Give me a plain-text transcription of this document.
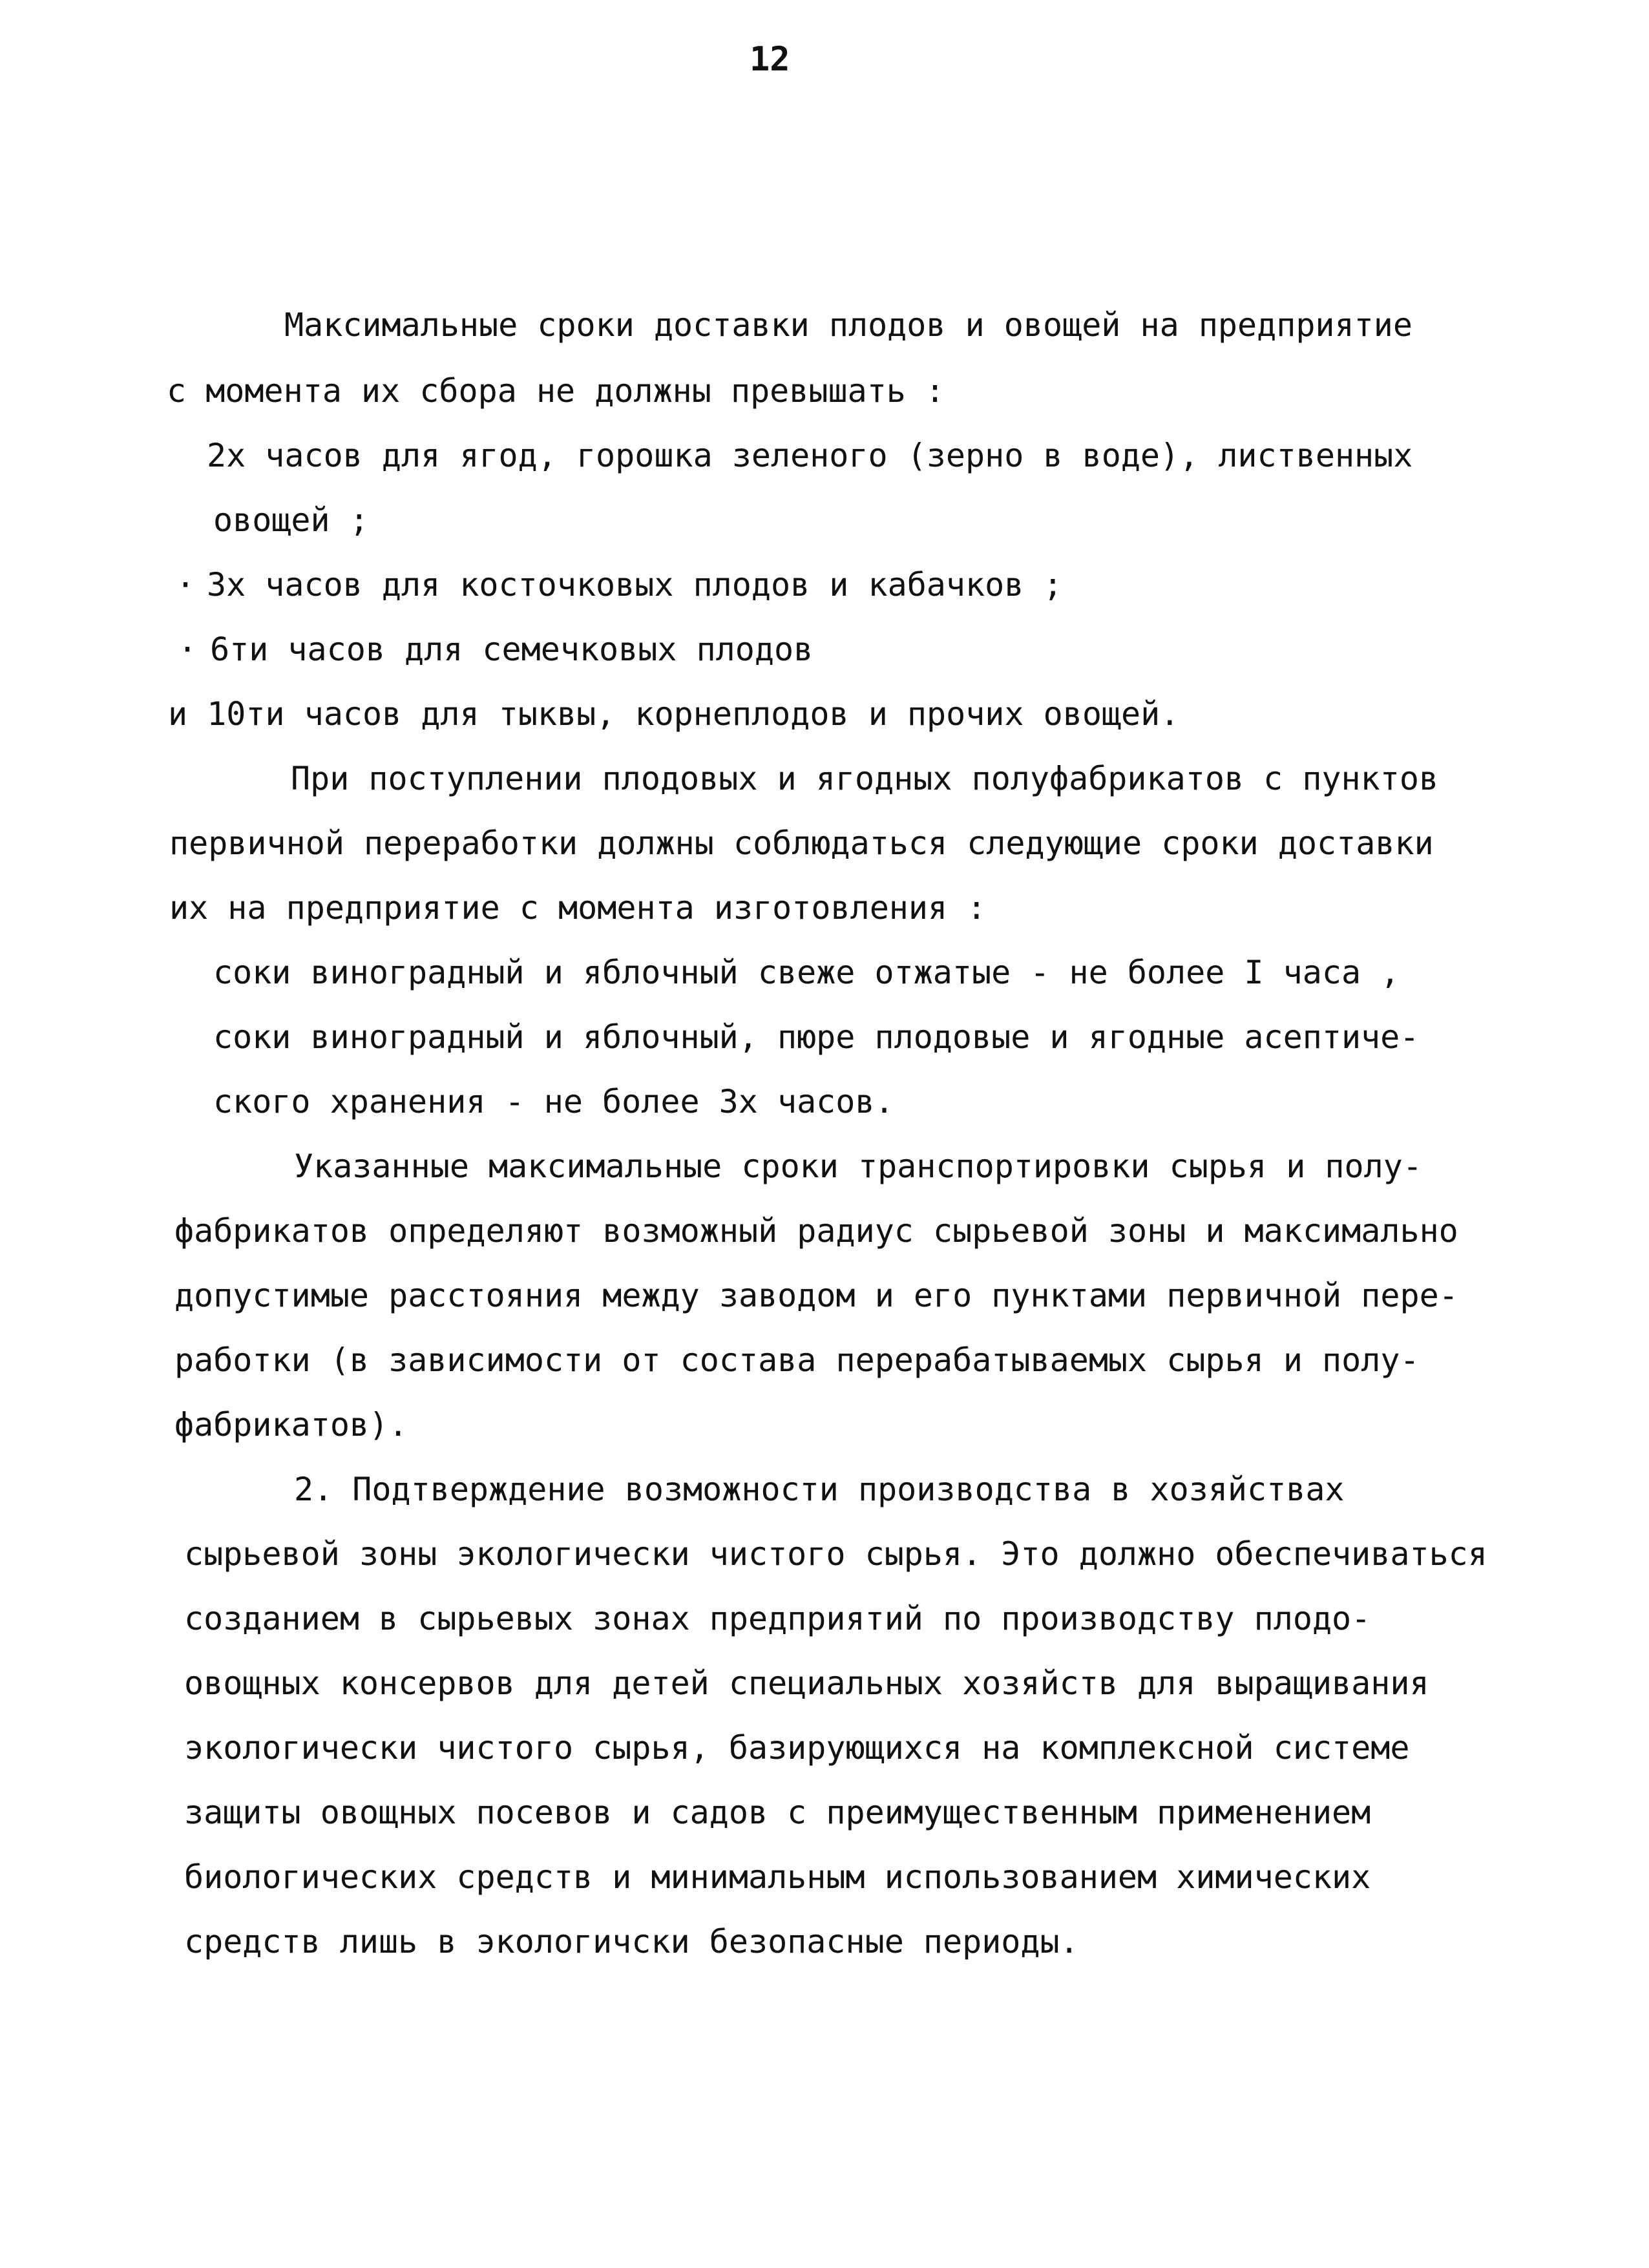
12
Максимальные сроки доставки плодов и овощей на предприятие
с момента их сбора не должны превышать :
2х часов для ягод, горошка зеленого (зерно в воде), лиственных
овощей ;
· 3х часов для косточковых плодов и кабачков ;
· 6ти часов для семечковых плодов
и 10ти часов для тыквы, корнеплодов и прочих овощей.
При поступлении плодовых и ягодных полуфабрикатов с пунктов
первичной переработки должны соблюдаться следующие сроки доставки
их на предприятие с момента изготовления :
соки виноградный и яблочный свеже отжатые - не более I часа ,
соки виноградный и яблочный, пюре плодовые и ягодные асептиче-
ского хранения - не более 3х часов.
Указанные максимальные сроки транспортировки сырья и полу-
фабрикатов определяют возможный радиус сырьевой зоны и максимально
допустимые расстояния между заводом и его пунктами первичной пере-
работки (в зависимости от состава перерабатываемых сырья и полу-
фабрикатов).
2. Подтверждение возможности производства в хозяйствах
сырьевой зоны экологически чистого сырья. Это должно обеспечиваться
созданием в сырьевых зонах предприятий по производству плодо-
овощных консервов для детей специальных хозяйств для выращивания
экологически чистого сырья, базирующихся на комплексной системе
защиты овощных посевов и садов с преимущественным применением
биологических средств и минимальным использованием химических
средств лишь в экологичски безопасные периоды.
